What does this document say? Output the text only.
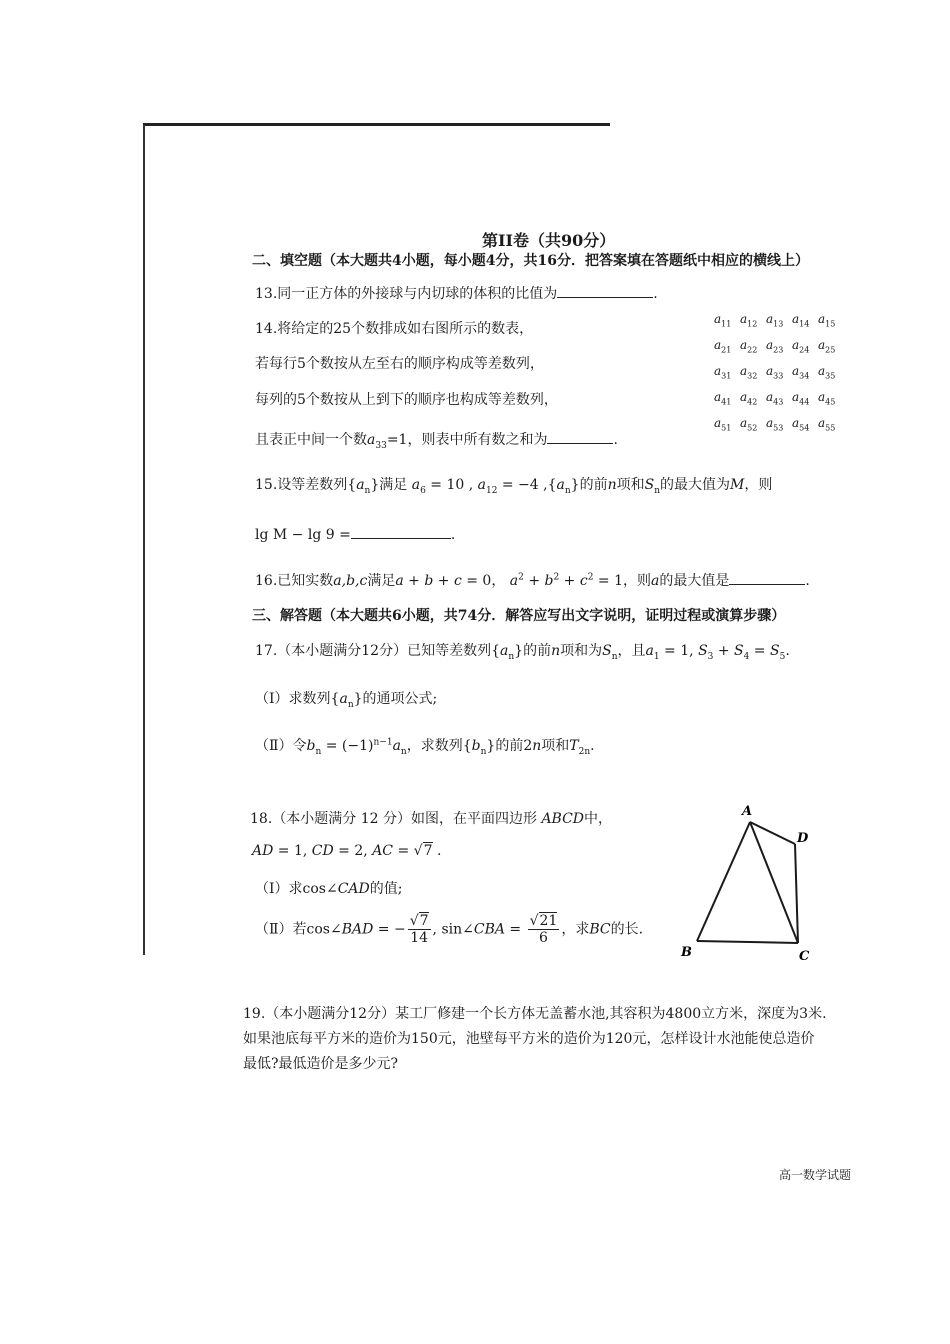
第II卷（共90分）
二、填空题（本大题共4小题，每小题4分，共16分．把答案填在答题纸中相应的横线上）
13.同一正方体的外接球与内切球的体积的比值为	.
14.将给定的25个数排成如右图所示的数表，
若每行5个数按从左至右的顺序构成等差数列，
每列的5个数按从上到下的顺序也构成等差数列，
且表正中间一个数$a_{33}=1$，则表中所有数之和为	.
$a_{11}$ $a_{12}$ $a_{13}$ $a_{14}$ $a_{15}$
$a_{21}$ $a_{22}$ $a_{23}$ $a_{24}$ $a_{25}$
$a_{31}$ $a_{32}$ $a_{33}$ $a_{34}$ $a_{35}$
$a_{41}$ $a_{42}$ $a_{43}$ $a_{44}$ $a_{45}$
$a_{51}$ $a_{52}$ $a_{53}$ $a_{54}$ $a_{55}$
15.设等差数列$\{a_n\}$满足 $a_6 = 10$ , $a_{12} = -4$ $,\{a_n\}$的前n项和$S_n$的最大值为M，则
lg M − lg 9 =	.
16.已知实数a,b,c满足a + b + c = 0， $a^2 + b^2 + c^2 = 1$，则a的最大值是	.
三、解答题（本大题共6小题，共74分．解答应写出文字说明，证明过程或演算步骤）
17.（本小题满分12分）已知等差数列$\{a_n\}$的前n项和为$S_n$，且$a_1 = 1$, $S_3 + S_4 = S_5$.
（Ⅰ）求数列$\{a_n\}$的通项公式;
（Ⅱ）令$b_n = (-1)^{n-1}a_n$，求数列$\{b_n\}$的前2n项和$T_{2n}$.
18.（本小题满分 12 分）如图，在平面四边形 ABCD中，
AD = 1, CD = 2, AC = √7 .
（Ⅰ）求cos∠CAD的值;
（Ⅱ）若cos∠BAD = − $\frac{√7}{14}$ , sin∠CBA = $\frac{√21}{6}$ ，求BC的长.
A
D
B	C
19.（本小题满分12分）某工厂修建一个长方体无盖蓄水池,其容积为4800立方米，深度为3米.
如果池底每平方米的造价为150元，池壁每平方米的造价为120元，怎样设计水池能使总造价
最低?最低造价是多少元?
高一数学试题
